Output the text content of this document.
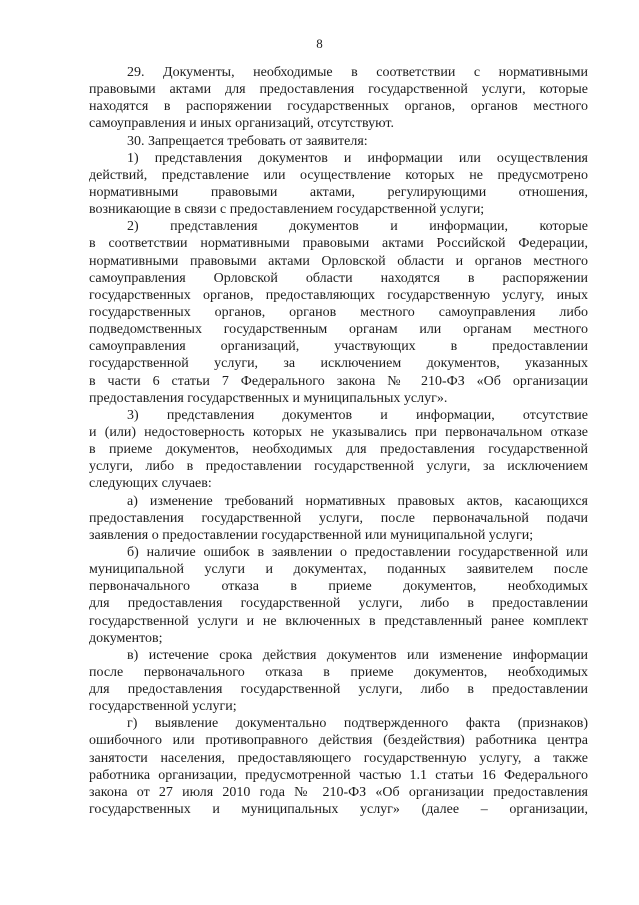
8
29. Документы, необходимые в соответствии с нормативными
правовыми актами для предоставления государственной услуги, которые
находятся в распоряжении государственных органов, органов местного
самоуправления и иных организаций, отсутствуют.
30. Запрещается требовать от заявителя:
1) представления документов и информации или осуществления
действий, представление или осуществление которых не предусмотрено
нормативными правовыми актами, регулирующими отношения,
возникающие в связи с предоставлением государственной услуги;
2) представления документов и информации, которые
в соответствии нормативными правовыми актами Российской Федерации,
нормативными правовыми актами Орловской области и органов местного
самоуправления Орловской области находятся в распоряжении
государственных органов, предоставляющих государственную услугу, иных
государственных органов, органов местного самоуправления либо
подведомственных государственным органам или органам местного
самоуправления организаций, участвующих в предоставлении
государственной услуги, за исключением документов, указанных
в части 6 статьи 7 Федерального закона № 210-ФЗ «Об организации
предоставления государственных и муниципальных услуг».
3) представления документов и информации, отсутствие
и (или) недостоверность которых не указывались при первоначальном отказе
в приеме документов, необходимых для предоставления государственной
услуги, либо в предоставлении государственной услуги, за исключением
следующих случаев:
а) изменение требований нормативных правовых актов, касающихся
предоставления государственной услуги, после первоначальной подачи
заявления о предоставлении государственной или муниципальной услуги;
б) наличие ошибок в заявлении о предоставлении государственной или
муниципальной услуги и документах, поданных заявителем после
первоначального отказа в приеме документов, необходимых
для предоставления государственной услуги, либо в предоставлении
государственной услуги и не включенных в представленный ранее комплект
документов;
в) истечение срока действия документов или изменение информации
после первоначального отказа в приеме документов, необходимых
для предоставления государственной услуги, либо в предоставлении
государственной услуги;
г) выявление документально подтвержденного факта (признаков)
ошибочного или противоправного действия (бездействия) работника центра
занятости населения, предоставляющего государственную услугу, а также
работника организации, предусмотренной частью 1.1 статьи 16 Федерального
закона от 27 июля 2010 года № 210-ФЗ «Об организации предоставления
государственных и муниципальных услуг» (далее – организации,
